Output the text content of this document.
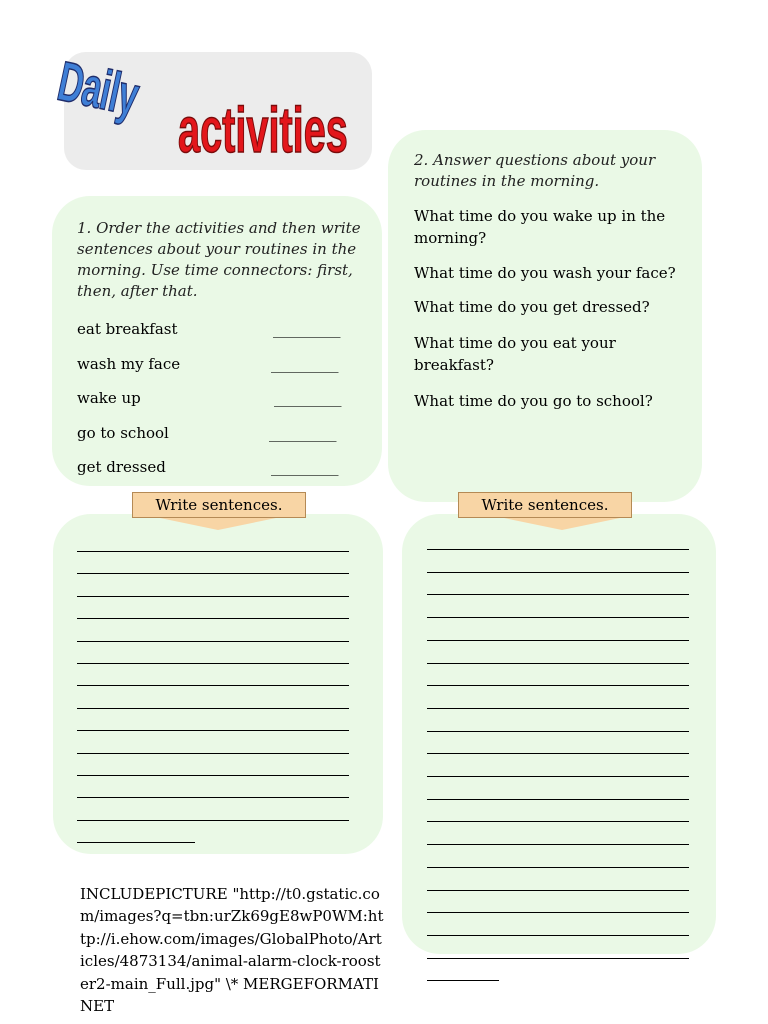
Daily
activities

1. Order the activities and then write sentences about your routines in the morning. Use time connectors: first, then, after that.

eat breakfast	_________
wash my face	_________
wake up	_________
go to school	_________
get dressed	_________

2. Answer questions about your routines in the morning.

What time do you wake up in the morning?

What time do you wash your face?

What time do you get dressed?

What time do you eat your breakfast?

What time do you go to school?

Write sentences.	Write sentences.

INCLUDEPICTURE "http://t0.gstatic.com/images?q=tbn:urZk69gE8wP0WM:http://i.ehow.com/images/GlobalPhoto/Articles/4873134/animal-alarm-clock-rooster2-main_Full.jpg" \* MERGEFORMATINET
